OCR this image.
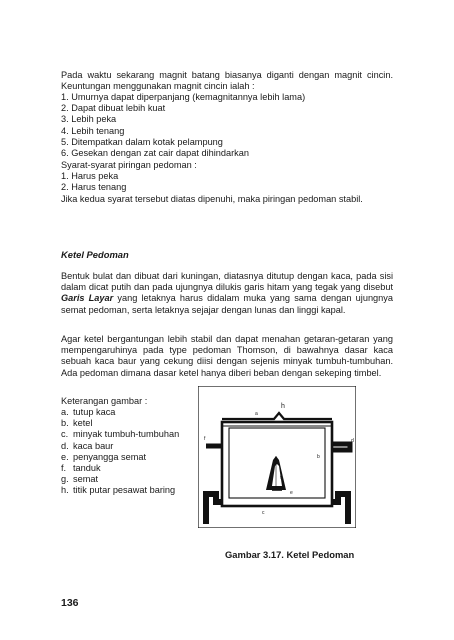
Pada waktu sekarang magnit batang biasanya diganti dengan magnit cincin. Keuntungan menggunakan magnit cincin ialah :

1. Umurnya dapat diperpanjang (kemagnitannya lebih lama)
2. Dapat dibuat lebih kuat
3. Lebih peka
4. Lebih tenang
5. Ditempatkan dalam kotak pelampung
6. Gesekan dengan zat cair dapat dihindarkan

Syarat-syarat piringan pedoman :

1. Harus peka
2. Harus tenang

Jika kedua syarat tersebut diatas dipenuhi, maka piringan pedoman stabil.

Ketel Pedoman

Bentuk bulat dan dibuat dari kuningan, diatasnya ditutup dengan kaca, pada sisi dalam dicat putih dan pada ujungnya dilukis garis hitam yang tegak yang disebut Garis Layar yang letaknya harus didalam muka yang sama dengan ujungnya semat pedoman, serta letaknya sejajar dengan lunas dan linggi kapal.

Agar ketel bergantungan lebih stabil dan dapat menahan getaran-getaran yang mempengaruhinya pada type pedoman Thomson, di bawahnya dasar kaca sebuah kaca baur yang cekung diisi dengan sejenis minyak tumbuh-tumbuhan. Ada pedoman dimana dasar ketel hanya diberi beban dengan sekeping timbel.

Keterangan gambar :

a. tutup kaca
b. ketel
c. minyak tumbuh-tumbuhan
d. kaca baur
e. penyangga semat
f. tanduk
g. semat
h. titik putar pesawat baring
h
a
b
c
d
e
f
g

Gambar 3.17. Ketel Pedoman

136
